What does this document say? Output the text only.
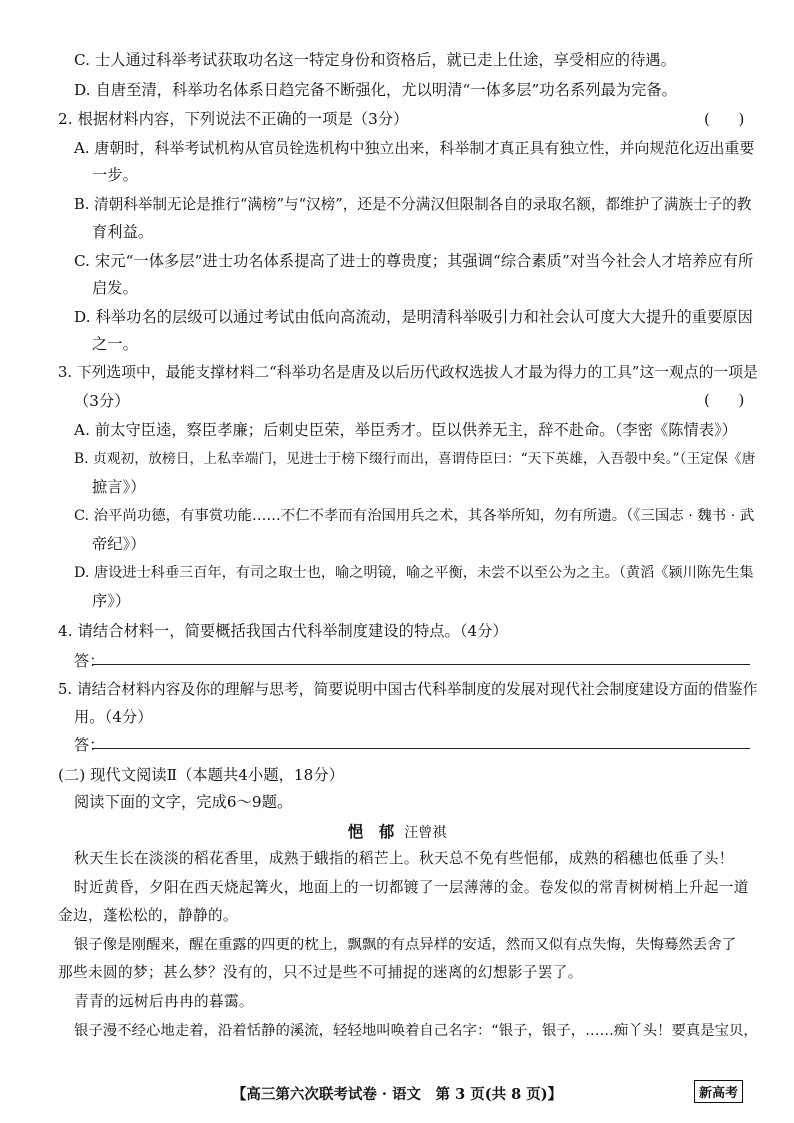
C. 士人通过科举考试获取功名这一特定身份和资格后，就已走上仕途，享受相应的待遇。
D. 自唐至清，科举功名体系日趋完备不断强化，尤以明清“一体多层”功名系列最为完备。
2. 根据材料内容，下列说法不正确的一项是（3分）	(      )
A. 唐朝时，科举考试机构从官员铨选机构中独立出来，科举制才真正具有独立性，并向规范化迈出重要
一步。
B. 清朝科举制无论是推行“满榜”与“汉榜”，还是不分满汉但限制各自的录取名额，都维护了满族士子的教
育利益。
C. 宋元“一体多层”进士功名体系提高了进士的尊贵度；其强调“综合素质”对当今社会人才培养应有所
启发。
D. 科举功名的层级可以通过考试由低向高流动，是明清科举吸引力和社会认可度大大提升的重要原因
之一。
3. 下列选项中，最能支撑材料二“科举功名是唐及以后历代政权选拔人才最为得力的工具”这一观点的一项是
（3分）	(      )
A. 前太守臣逵，察臣孝廉；后刺史臣荣，举臣秀才。臣以供养无主，辞不赴命。（李密《陈情表》）
B. 贞观初，放榜日，上私幸端门，见进士于榜下缀行而出，喜谓侍臣曰：“天下英雄，入吾彀中矣。”（王定保《唐
摭言》）
C. 治平尚功德，有事赏功能……不仁不孝而有治国用兵之术，其各举所知，勿有所遗。（《三国志 · 魏书 · 武
帝纪》）
D. 唐设进士科垂三百年，有司之取士也，喻之明镜，喻之平衡，未尝不以至公为之主。（黄滔《颍川陈先生集
序》）
4. 请结合材料一，简要概括我国古代科举制度建设的特点。（4分）
答：
5. 请结合材料内容及你的理解与思考，简要说明中国古代科举制度的发展对现代社会制度建设方面的借鉴作
用。（4分）
答：
(二) 现代文阅读Ⅱ（本题共4小题，18分）
阅读下面的文字，完成6～9题。
悒　郁 汪曾祺
秋天生长在淡淡的稻花香里，成熟于蛾指的稻芒上。秋天总不免有些悒郁，成熟的稻穗也低垂了头！
时近黄昏，夕阳在西天烧起篝火，地面上的一切都镀了一层薄薄的金。卷发似的常青树树梢上升起一道
金边，蓬松松的，静静的。
银子像是刚醒来，醒在重露的四更的枕上，飘飘的有点异样的安适，然而又似有点失悔，失悔蓦然丢舍了
那些未圆的梦；甚么梦？没有的，只不过是些不可捕捉的迷离的幻想影子罢了。
青青的远树后冉冉的暮霭。
银子漫不经心地走着，沿着恬静的溪流，轻轻地叫唤着自己名字：“银子，银子，……痴丫头！要真是宝贝，
【高三第六次联考试卷 · 语文　第 3 页(共 8 页)】	新高考
